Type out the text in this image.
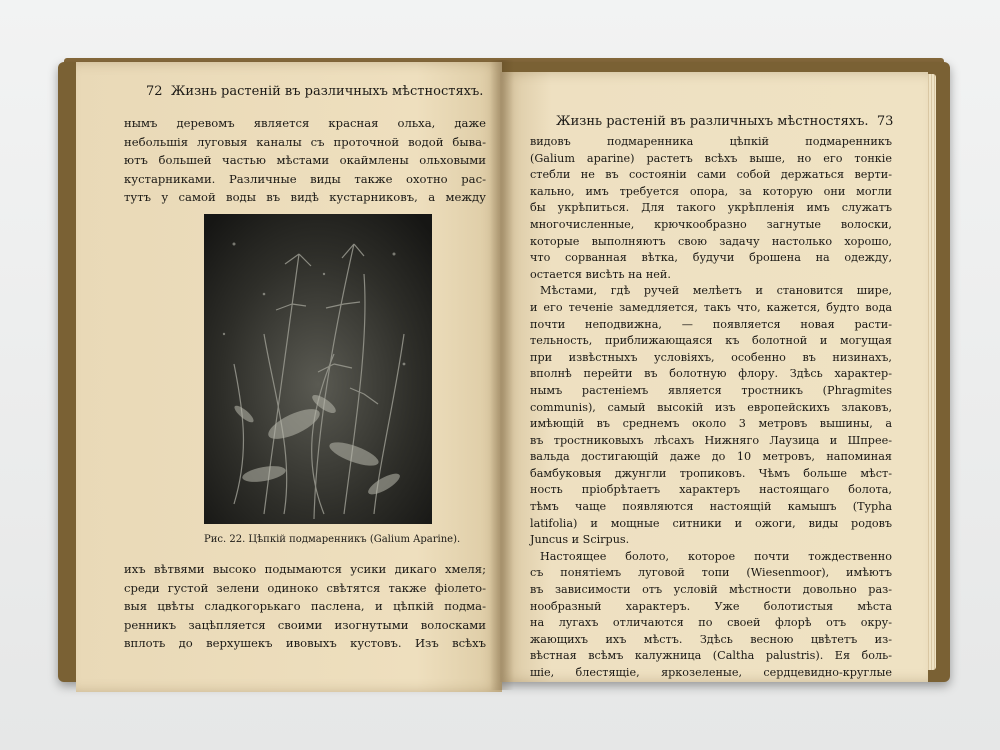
72 Жизнь растеній въ различныхъ мѣстностяхъ.
нымъ деревомъ является красная ольха, даже
небольшія луговыя каналы съ проточной водой быва-
ютъ большей частью мѣстами окаймлены ольховыми
кустарниками. Различные виды также охотно рас-
тутъ у самой воды въ видѣ кустарниковъ, а между
Рис. 22. Цѣпкій подмаренникъ (Galium Aparine).
ихъ вѣтвями высоко подымаются усики дикаго хмеля;
среди густой зелени одиноко свѣтятся также фіолето-
выя цвѣты сладкогорькаго паслена, и цѣпкій подма-
ренникъ зацѣпляется своими изогнутыми волосками
вплоть до верхушекъ ивовыхъ кустовъ. Изъ всѣхъ
Жизнь растеній въ различныхъ мѣстностяхъ. 73
видовъ подмаренника цѣпкій подмаренникъ
(Galium aparine) растетъ всѣхъ выше, но его тонкіе
стебли не въ состояніи сами собой держаться верти-
кально, имъ требуется опора, за которую они могли
бы укрѣпиться. Для такого укрѣпленія имъ служатъ
многочисленные, крючкообразно загнутые волоски,
которые выполняютъ свою задачу настолько хорошо,
что сорванная вѣтка, будучи брошена на одежду,
остается висѣть на ней.
Мѣстами, гдѣ ручей мелѣетъ и становится шире,
и его теченіе замедляется, такъ что, кажется, будто вода
почти неподвижна, — появляется новая расти-
тельность, приближающаяся къ болотной и могущая
при извѣстныхъ условіяхъ, особенно въ низинахъ,
вполнѣ перейти въ болотную флору. Здѣсь характер-
нымъ растеніемъ является тростникъ (Phragmites
communis), самый высокій изъ европейскихъ злаковъ,
имѣющій въ среднемъ около 3 метровъ вышины, а
въ тростниковыхъ лѣсахъ Нижняго Лаузица и Шпрее-
вальда достигающій даже до 10 метровъ, напоминая
бамбуковыя джунгли тропиковъ. Чѣмъ больше мѣст-
ность пріобрѣтаетъ характеръ настоящаго болота,
тѣмъ чаще появляются настоящій камышъ (Typha
latifolia) и мощные ситники и ожоги, виды родовъ
Juncus и Scirpus.
Настоящее болото, которое почти тождественно
съ понятіемъ луговой топи (Wiesenmoor), имѣютъ
въ зависимости отъ условій мѣстности довольно раз-
нообразный характеръ. Уже болотистыя мѣста
на лугахъ отличаются по своей флорѣ отъ окру-
жающихъ ихъ мѣстъ. Здѣсь весною цвѣтетъ из-
вѣстная всѣмъ калужница (Caltha palustris). Ея боль-
шіе, блестящіе, яркозеленые, сердцевидно-круглые
